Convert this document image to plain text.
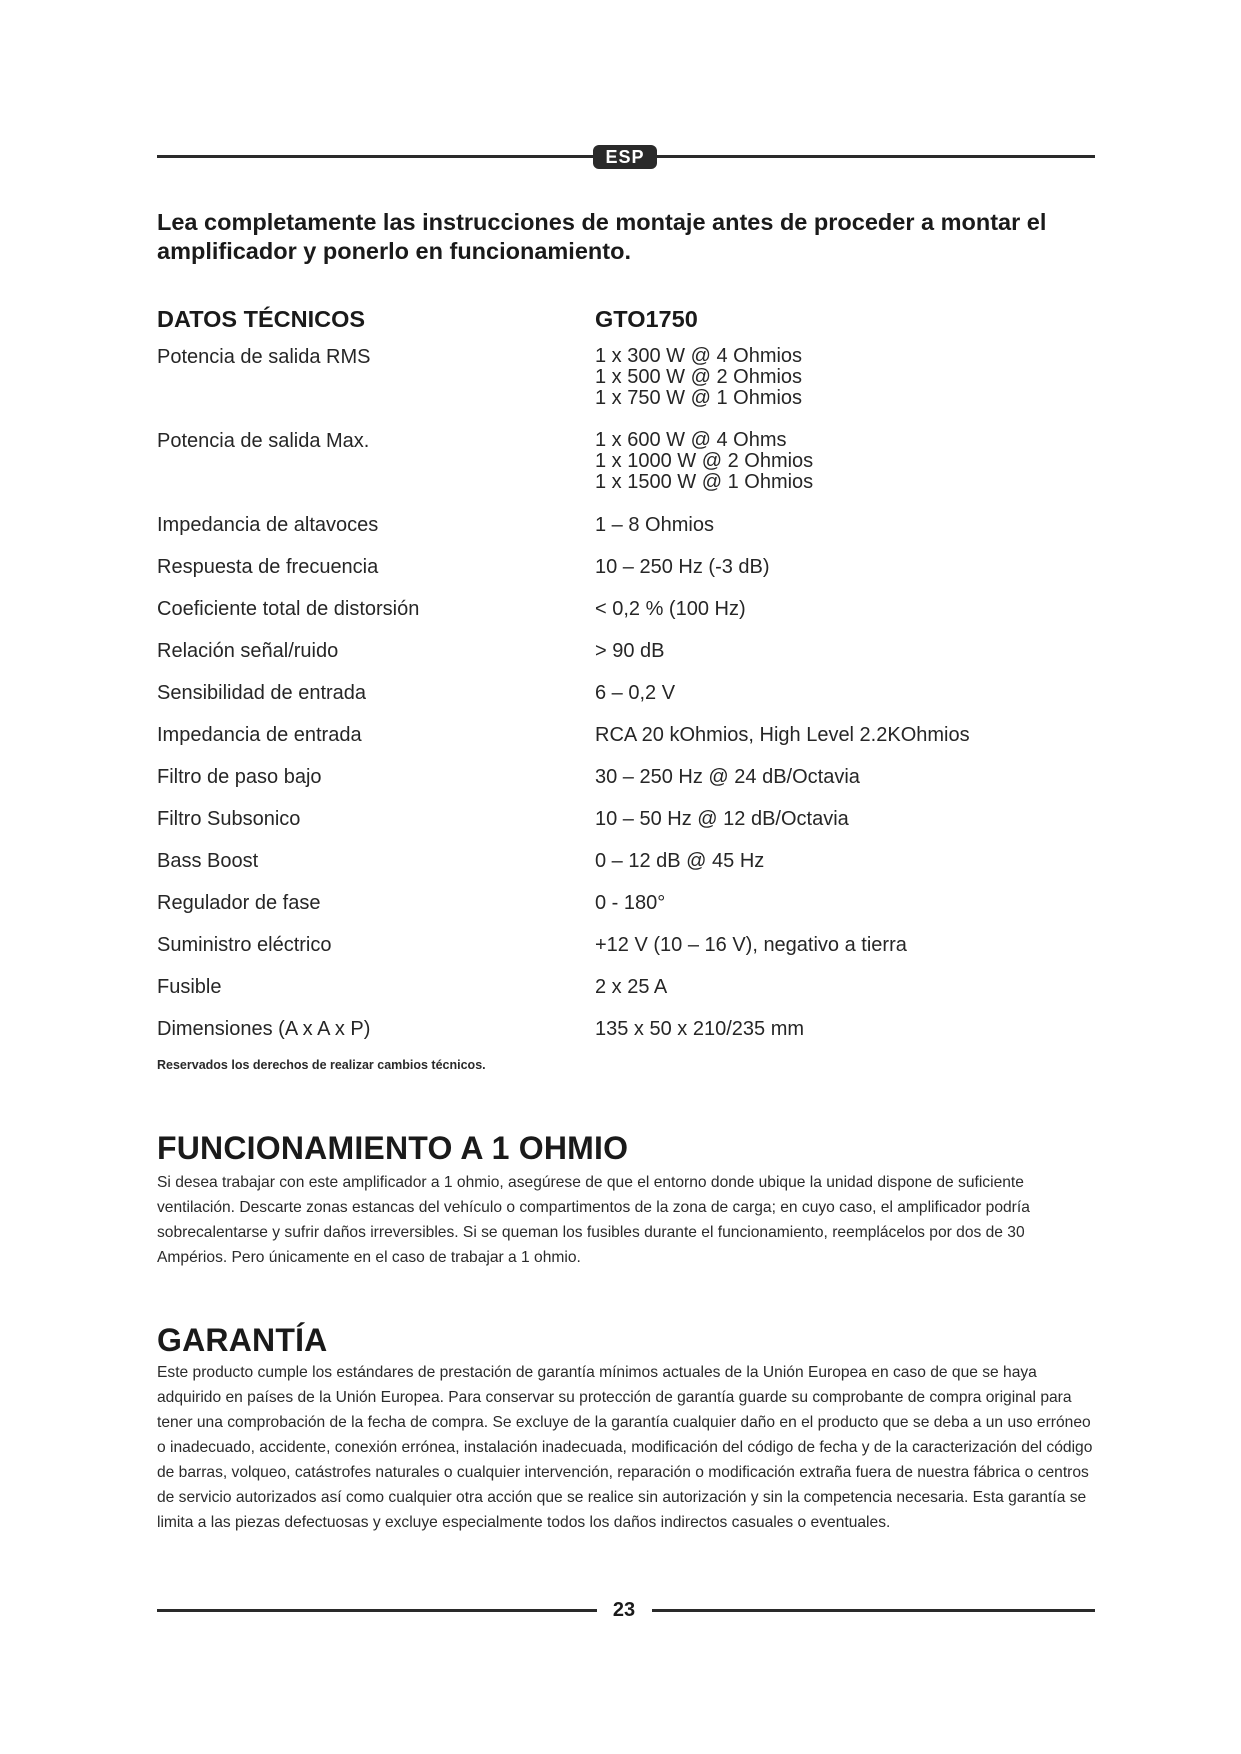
ESP
Lea completamente las instrucciones de montaje antes de proceder a montar el amplificador y ponerlo en funcionamiento.
DATOS TÉCNICOS	GTO1750
Potencia de salida RMS	1 x 300 W @ 4 Ohmios
1 x 500 W @ 2 Ohmios
1 x 750 W @ 1 Ohmios
Potencia de salida Max.	1 x 600 W @ 4 Ohms
1 x 1000 W @ 2 Ohmios
1 x 1500 W @ 1 Ohmios
Impedancia de altavoces	1 – 8 Ohmios
Respuesta de frecuencia	10 – 250 Hz (-3 dB)
Coeficiente total de distorsión	< 0,2 % (100 Hz)
Relación señal/ruido	> 90 dB
Sensibilidad de entrada	6 – 0,2 V
Impedancia de entrada	RCA 20 kOhmios, High Level 2.2KOhmios
Filtro de paso bajo	30 – 250 Hz @ 24 dB/Octavia
Filtro Subsonico	10 – 50 Hz @ 12 dB/Octavia
Bass Boost	0 – 12 dB @ 45 Hz
Regulador de fase	0 - 180°
Suministro eléctrico	+12 V (10 – 16 V), negativo a tierra
Fusible	2 x 25 A
Dimensiones (A x A x P)	135 x 50 x 210/235 mm
Reservados los derechos de realizar cambios técnicos.
FUNCIONAMIENTO A 1 OHMIO
Si desea trabajar con este amplificador a 1 ohmio, asegúrese de que el entorno donde ubique la unidad dispone de suficiente ventilación. Descarte zonas estancas del vehículo o compartimentos de la zona de carga; en cuyo caso, el amplificador podría sobrecalentarse y sufrir daños irreversibles. Si se queman los fusibles durante el funcionamiento, reemplácelos por dos de 30 Ampérios. Pero únicamente en el caso de trabajar a 1 ohmio.
GARANTÍA
Este producto cumple los estándares de prestación de garantía mínimos actuales de la Unión Europea en caso de que se haya adquirido en países de la Unión Europea. Para conservar su protección de garantía guarde su comprobante de compra original para tener una comprobación de la fecha de compra. Se excluye de la garantía cualquier daño en el producto que se deba a un uso erróneo o inadecuado, accidente, conexión errónea, instalación inadecuada, modificación del código de fecha y de la caracterización del código de barras, volqueo, catástrofes naturales o cualquier intervención, reparación o modificación extraña fuera de nuestra fábrica o centros de servicio autorizados así como cualquier otra acción que se realice sin autorización y sin la competencia necesaria. Esta garantía se limita a las piezas defectuosas y excluye especialmente todos los daños indirectos casuales o eventuales.
23
